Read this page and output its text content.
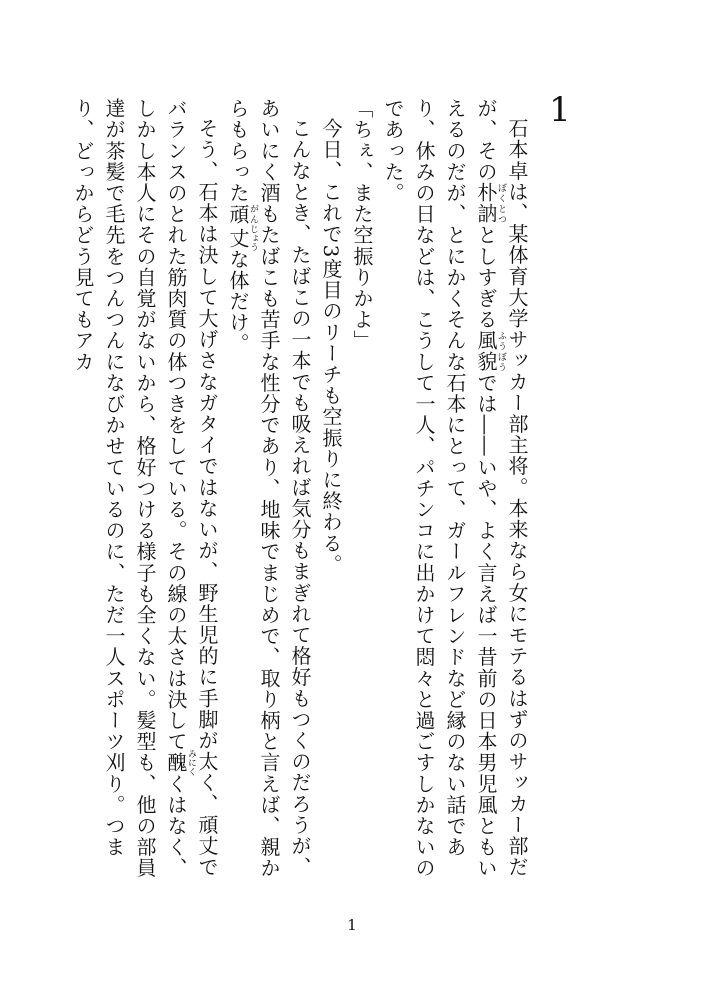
1
石本卓は、某体育大学サッカー部主将。本来なら女にモテるはずのサッカー部だが、その朴訥ぼくとつとしすぎる風貌ふうぼうでは――いや、よく言えば一昔前の日本男児風ともいえるのだが、とにかくそんな石本にとって、ガールフレンドなど縁のない話であり、休みの日などは、こうして一人、パチンコに出かけて悶々と過ごすしかないのであった。
「ちぇ、また空振りかよ」
今日、これで3度目のリーチも空振りに終わる。
こんなとき、たばこの一本でも吸えれば気分もまぎれて格好もつくのだろうが、あいにく酒もたばこも苦手な性分であり、地味でまじめで、取り柄と言えば、親からもらった頑がん丈じょうな体だけ。
そう、石本は決して大げさなガタイではないが、野生児的に手脚が太く、頑丈でバランスのとれた筋肉質の体つきをしている。その線の太さは決して醜みにくくはなく、しかし本人にその自覚がないから、格好つける様子も全くない。髪型も、他の部員達が茶髪で毛先をつんつんになびかせているのに、ただ一人スポーツ刈り。つまり、どっからどう見てもアカ
1
